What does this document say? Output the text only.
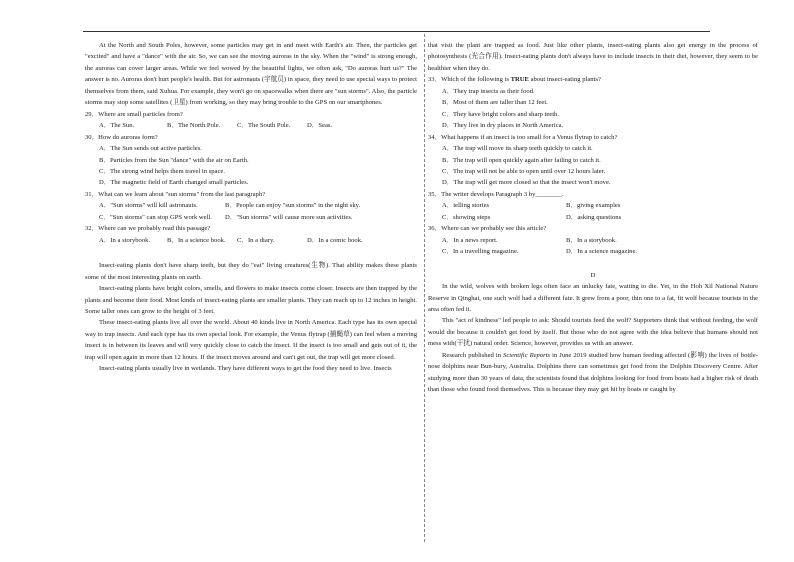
At the North and South Poles, however, some particles may get in and meet with Earth's air. Then, the particles get "excited" and have a "dance" with the air. So, we can see the moving auroras in the sky. When the "wind" is strong enough, the auroras can cover larger areas. While we feel wowed by the beautiful lights, we often ask, "Do auroras hurt us?" The answer is no. Auroras don't hurt people's health. But for astronauts (宇航员) in space, they need to use special ways to protect themselves from them, said Xuhua. For example, they won't go on spacewalks when there are "sun storms". Also, the particle storms may stop some satellites (卫星) from working, so they may bring trouble to the GPS on our smartphones.

29．Where are small particles from?

A．The Sun.	B．The North Pole.	C．The South Pole.	D．Seas.

30．How do auroras form?

A．The Sun sends out active particles.

B．Particles from the Sun "dance" with the air on Earth.

C．The strong wind helps them travel in space.

D．The magnetic field of Earth changed small particles.

31．What can we learn about "sun storms" from the last paragraph?

A．"Sun storms" will kill astronauts.	B．People can enjoy "sun storms" in the night sky.
C．"Sun storms" can stop GPS work well.	D．"Sun storms" will cause more sun activities.

32．Where can we probably read this passage?

A．In a storybook.	B．In a science book.	C．In a diary.	D．In a comic book.

Insect-eating plants don't have sharp teeth, but they do "eat" living creatures(生物). That ability makes these plants some of the most interesting plants on earth.

Insect-eating plants have bright colors, smells, and flowers to make insects come closer. Insects are then trapped by the plants and become their food. Most kinds of insect-eating plants are smaller plants. They can reach up to 12 inches in height. Some taller ones can grow to the height of 3 feet.

These insect-eating plants live all over the world. About 40 kinds live in North America. Each type has its own special way to trap insects. And each type has its own special look. For example, the Venus flytrap (捕蝇草) can feel when a moving insect is in between its leaves and will very quickly close to catch the insect. If the insect is too small and gets out of it, the trap will open again in more than 12 hours. If the insect moves around and can't get out, the trap will get more closed.

Insect-eating plants usually live in wetlands. They have different ways to get the food they need to live. Insects

that visit the plant are trapped as food. Just like other plants, insect-eating plants also get energy in the process of photosynthesis (光合作用). Insect-eating plants don't always have to include insects in their diet, however, they seem to be healthier when they do.

33．Which of the following is TRUE about insect-eating plants?

A．They trap insects as their food.

B．Most of them are taller than 12 feet.

C．They have bright colors and sharp teeth.

D．They live in dry places in North America.

34．What happens if an insect is too small for a Venus flytrap to catch?

A．The trap will move its sharp teeth quickly to catch it.

B．The trap will open quickly again after failing to catch it.

C．The trap will not be able to open until over 12 hours later.

D．The trap will get more closed so that the insect won't move.

35．The writer develops Paragraph 3 by________.

A．telling stories	B．giving examples
C．showing steps	D．asking questions

36．Where can we probably see this article?

A．In a news report.	B．In a storybook.
C．In a travelling magazine.	D．In a science magazine.

D

In the wild, wolves with broken legs often face an unlucky fate, waiting to die. Yet, in the Hoh Xil National Nature Reserve in Qinghai, one such wolf had a different fate. It grew from a poor, thin one to a fat, fit wolf because tourists in the area often fed it.

This "act of kindness" led people to ask: Should tourists feed the wolf? Supporters think that without feeding, the wolf would die because it couldn't get food by itself. But those who do not agree with the idea believe that humans should not mess with(干扰) natural order. Science, however, provides us with an answer.

Research published in Scientific Reports in June 2019 studied how human feeding affected (影响) the lives of bottle-nose dolphins near Bun-bury, Australia. Dolphins there can sometimes get food from the Dolphin Discovery Centre. After studying more than 30 years of data, the scientists found that dolphins looking for food from boats had a higher risk of death than those who found food themselves. This is because they may get hit by boats or caught by
